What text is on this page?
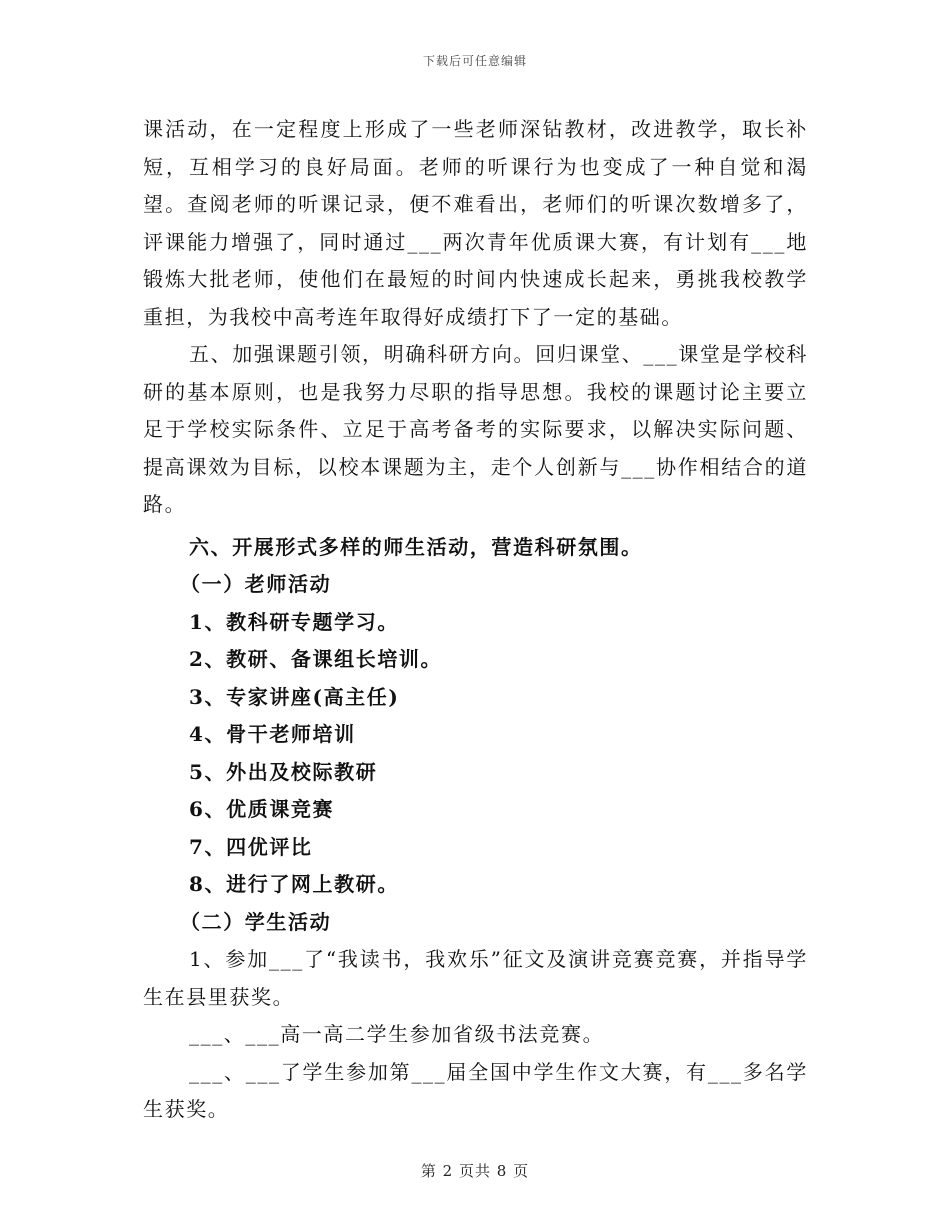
下载后可任意编辑

课活动，在一定程度上形成了一些老师深钻教材，改进教学，取长补短，互相学习的良好局面。老师的听课行为也变成了一种自觉和渴望。查阅老师的听课记录，便不难看出，老师们的听课次数增多了，评课能力增强了，同时通过___两次青年优质课大赛，有计划有___地锻炼大批老师，使他们在最短的时间内快速成长起来，勇挑我校教学重担，为我校中高考连年取得好成绩打下了一定的基础。

五、加强课题引领，明确科研方向。回归课堂、___课堂是学校科研的基本原则，也是我努力尽职的指导思想。我校的课题讨论主要立足于学校实际条件、立足于高考备考的实际要求，以解决实际问题、提高课效为目标，以校本课题为主，走个人创新与___协作相结合的道路。

六、开展形式多样的师生活动，营造科研氛围。

（一）老师活动

1、教科研专题学习。

2、教研、备课组长培训。

3、专家讲座(高主任)

4、骨干老师培训

5、外出及校际教研

6、优质课竞赛

7、四优评比

8、进行了网上教研。

（二）学生活动

1、参加___了“我读书，我欢乐”征文及演讲竞赛竞赛，并指导学生在县里获奖。

___、___高一高二学生参加省级书法竞赛。

___、___了学生参加第___届全国中学生作文大赛，有___多名学生获奖。

第 2 页共 8 页
